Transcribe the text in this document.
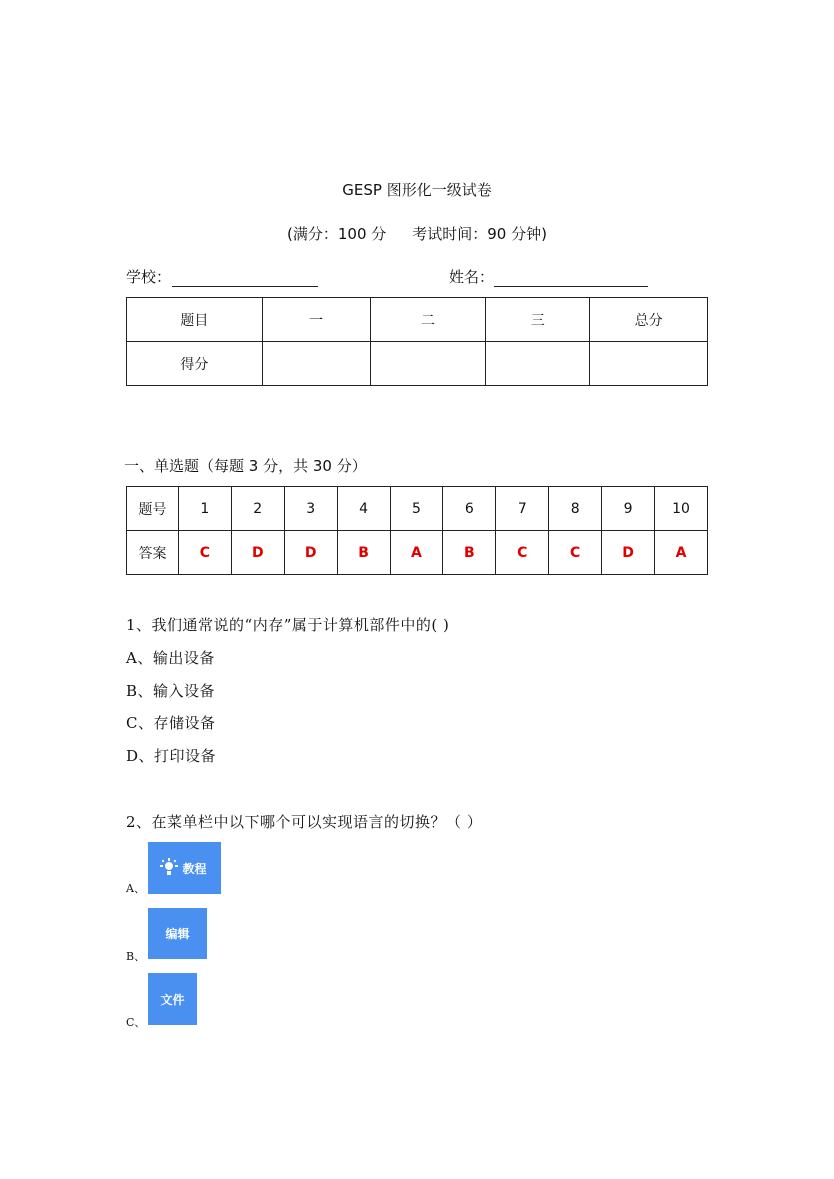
GESP 图形化一级试卷
(满分：100 分 考试时间：90 分钟)
学校：	姓名：
题目	一	二	三	总分
得分				
一、单选题（每题 3 分，共 30 分）
题号	1	2	3	4	5	6	7	8	9	10
答案	C	D	D	B	A	B	C	C	D	A
1、我们通常说的“内存”属于计算机部件中的( )
A、输出设备
B、输入设备
C、存储设备
D、打印设备
2、在菜单栏中以下哪个可以实现语言的切换？（ ）
A、
教程
B、
编辑
C、
文件
